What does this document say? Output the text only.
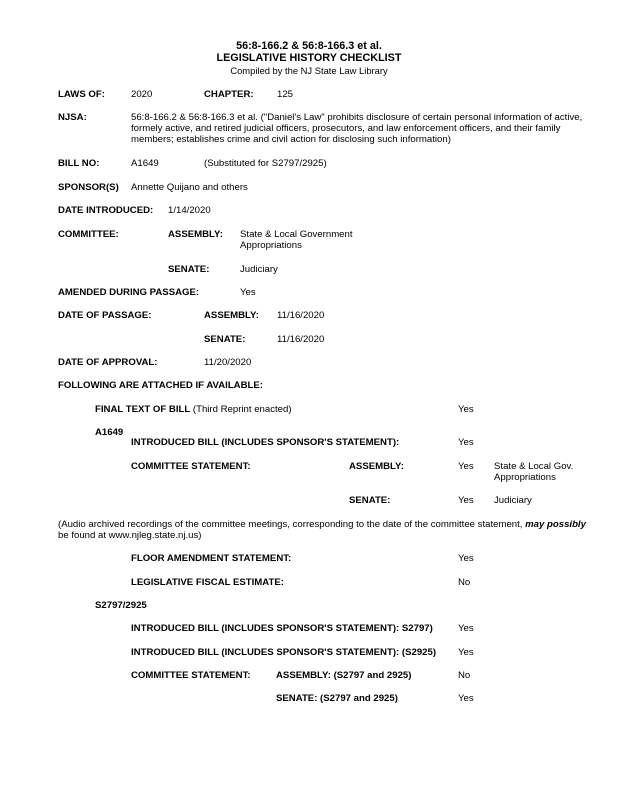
56:8-166.2 & 56:8-166.3 et al.
LEGISLATIVE HISTORY CHECKLIST
Compiled by the NJ State Law Library
LAWS OF:	2020	CHAPTER: 125
NJSA:	56:8-166.2 & 56:8-166.3 et al. ("Daniel's Law" prohibits disclosure of certain personal information of active,
formely active, and retired judicial officers, prosecutors, and law enforcement officers, and their family
members; establishes crime and civil action for disclosing such information)
BILL NO:	A1649	(Substituted for S2797/2925)
SPONSOR(S) Annette Quijano and others
DATE INTRODUCED: 1/14/2020
COMMITTEE:	ASSEMBLY: State & Local Government
Appropriations
SENATE:	Judiciary
AMENDED DURING PASSAGE:	Yes
DATE OF PASSAGE:	ASSEMBLY: 11/16/2020
SENATE:	11/16/2020
DATE OF APPROVAL:	11/20/2020
FOLLOWING ARE ATTACHED IF AVAILABLE:
FINAL TEXT OF BILL (Third Reprint enacted)	Yes
A1649
INTRODUCED BILL (INCLUDES SPONSOR'S STATEMENT):	Yes
COMMITTEE STATEMENT:	ASSEMBLY:	Yes State & Local Gov.
Appropriations
SENATE:	Yes Judiciary
(Audio archived recordings of the committee meetings, corresponding to the date of the committee statement, may possibly
be found at www.njleg.state.nj.us)
FLOOR AMENDMENT STATEMENT:	Yes
LEGISLATIVE FISCAL ESTIMATE:	No
S2797/2925
INTRODUCED BILL (INCLUDES SPONSOR'S STATEMENT): S2797)	Yes
INTRODUCED BILL (INCLUDES SPONSOR'S STATEMENT): (S2925) Yes
COMMITTEE STATEMENT:	ASSEMBLY: (S2797 and 2925)	No
SENATE: (S2797 and 2925)	Yes
